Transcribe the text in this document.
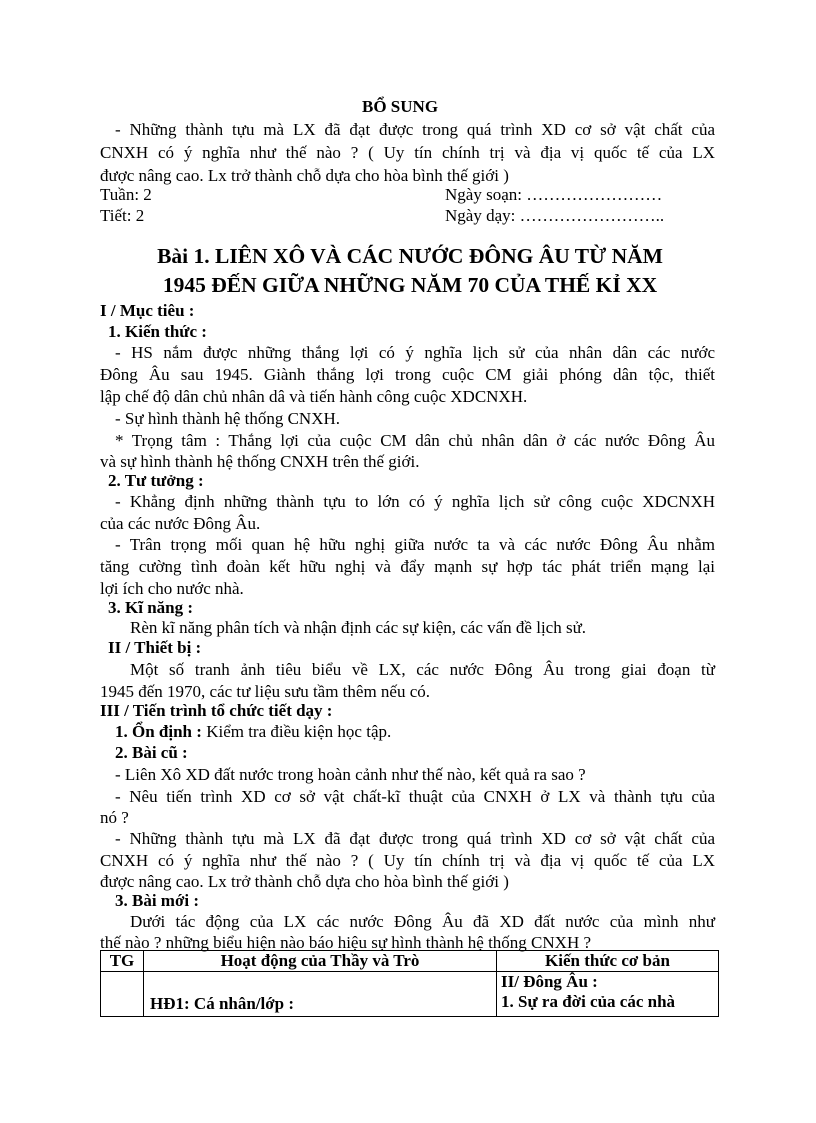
BỔ SUNG
- Những thành tựu mà LX đã đạt được trong quá trình XD cơ sở vật chất của
CNXH có ý nghĩa như thế nào ? ( Uy tín chính trị và địa vị quốc tế của LX
được nâng cao. Lx trở thành chỗ dựa cho hòa bình thế giới )
Tuần: 2	Ngày soạn: ……………………
Tiết: 2	Ngày dạy: ……………………..
Bài 1. LIÊN XÔ VÀ CÁC NƯỚC ĐÔNG ÂU TỪ NĂM
1945 ĐẾN GIỮA NHỮNG NĂM 70 CỦA THẾ KỈ XX
I / Mục tiêu :
1. Kiến thức :
- HS nắm được những thắng lợi có ý nghĩa lịch sử của nhân dân các nước
Đông Âu sau 1945. Giành thắng lợi trong cuộc CM giải phóng dân tộc, thiết
lập chế độ dân chủ nhân dâ và tiến hành công cuộc XDCNXH.
- Sự hình thành hệ thống CNXH.
* Trọng tâm : Thắng lợi của cuộc CM dân chủ nhân dân ở các nước Đông Âu
và sự hình thành hệ thống CNXH trên thế giới.
2. Tư tưởng :
- Khẳng định những thành tựu to lớn có ý nghĩa lịch sử công cuộc XDCNXH
của các nước Đông Âu.
- Trân trọng mối quan hệ hữu nghị giữa nước ta và các nước Đông Âu nhằm
tăng cường tình đoàn kết hữu nghị và đẩy mạnh sự hợp tác phát triển mạng lại
lợi ích cho nước nhà.
3. Kĩ năng :
Rèn kĩ năng phân tích và nhận định các sự kiện, các vấn đề lịch sử.
II / Thiết bị :
Một số tranh ảnh tiêu biểu về LX, các nước Đông Âu trong giai đoạn từ
1945 đến 1970, các tư liệu sưu tầm thêm nếu có.
III / Tiến trình tổ chức tiết dạy :
1. Ổn định : Kiểm tra điều kiện học tập.
2. Bài cũ :
- Liên Xô XD đất nước trong hoàn cảnh như thế nào, kết quả ra sao ?
- Nêu tiến trình XD cơ sở vật chất-kĩ thuật của CNXH ở LX và thành tựu của
nó ?
- Những thành tựu mà LX đã đạt được trong quá trình XD cơ sở vật chất của
CNXH có ý nghĩa như thế nào ? ( Uy tín chính trị và địa vị quốc tế của LX
được nâng cao. Lx trở thành chỗ dựa cho hòa bình thế giới )
3. Bài mới :
Dưới tác động của LX các nước Đông Âu đã XD đất nước của mình như
thế nào ? những biểu hiện nào báo hiệu sự hình thành hệ thống CNXH ?
TG	Hoạt động của Thầy và Trò	Kiến thức cơ bản

	HĐ1: Cá nhân/lớp :	II/ Đông Âu :
1. Sự ra đời của các nhà
